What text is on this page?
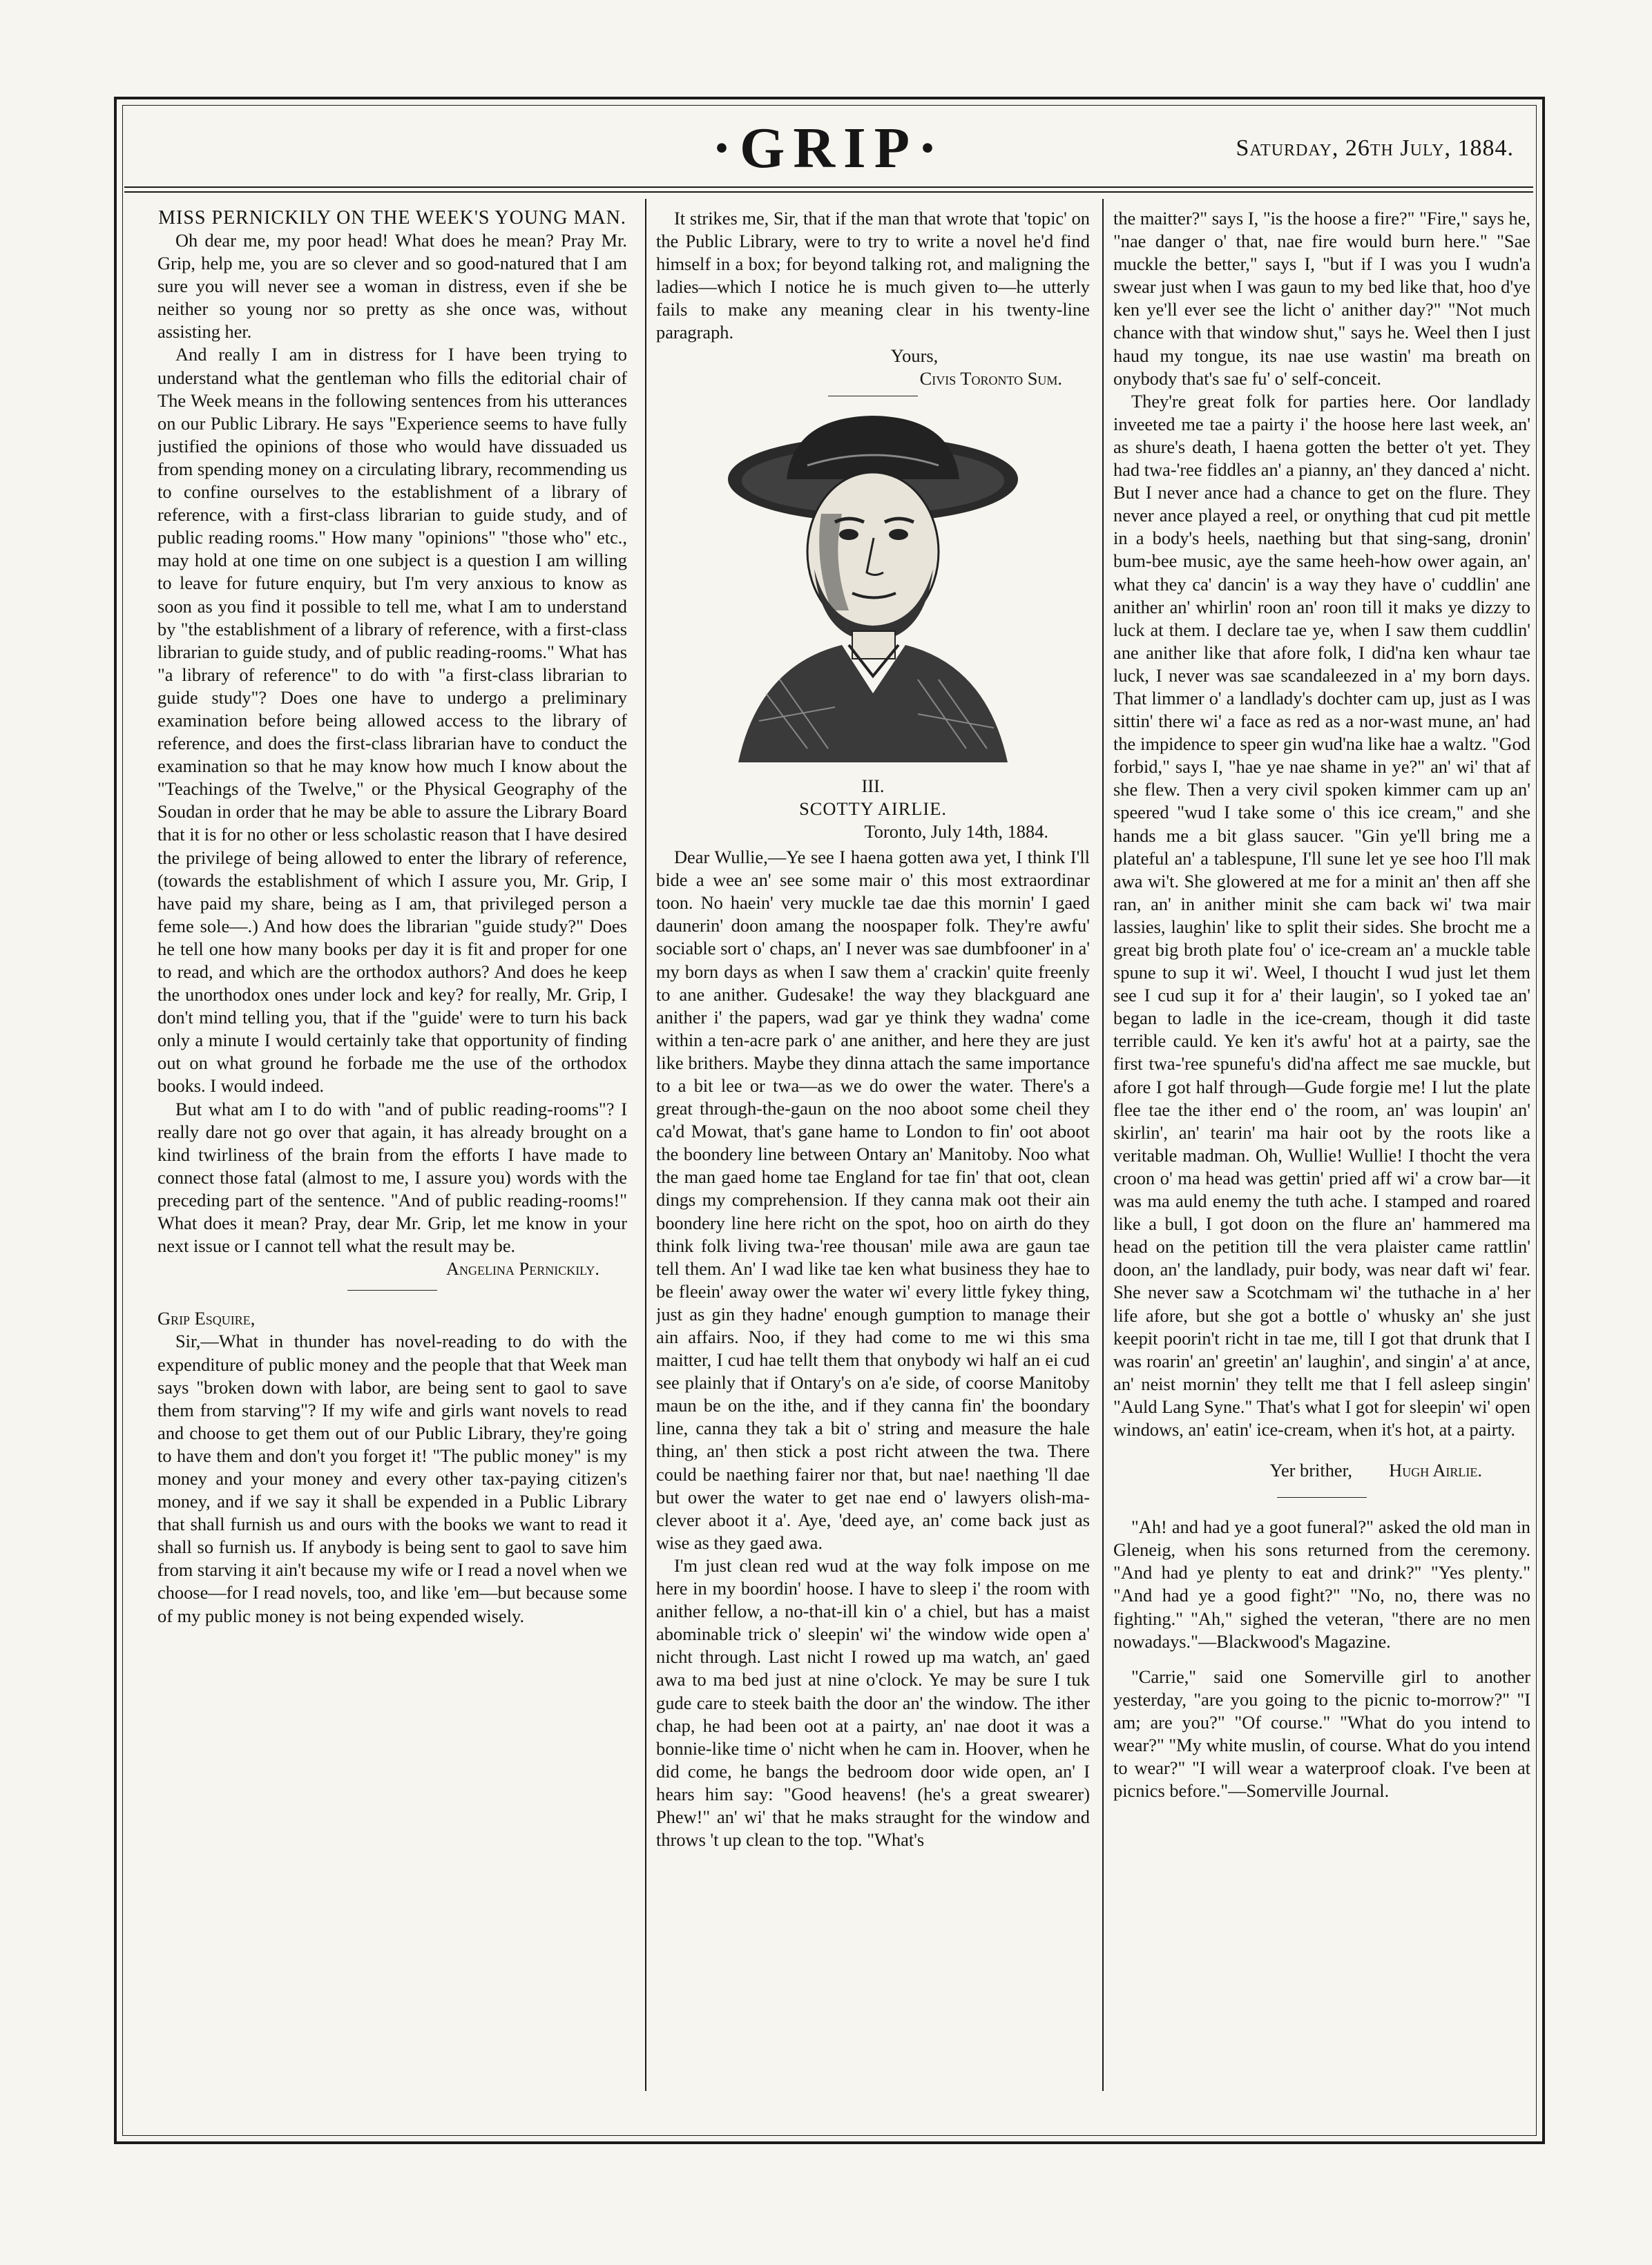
·GRIP·	Saturday, 26th July, 1884.

MISS PERNICKILY ON THE WEEK'S YOUNG MAN.

Oh dear me, my poor head! What does he mean? Pray Mr. Grip, help me, you are so clever and so good-natured that I am sure you will never see a woman in distress, even if she be neither so young nor so pretty as she once was, without assisting her.

And really I am in distress for I have been trying to understand what the gentleman who fills the editorial chair of The Week means in the following sentences from his utterances on our Public Library. He says "Experience seems to have fully justified the opinions of those who would have dissuaded us from spending money on a circulating library, recommending us to confine ourselves to the establishment of a library of reference, with a first-class librarian to guide study, and of public reading rooms." How many "opinions" "those who" etc., may hold at one time on one subject is a question I am willing to leave for future enquiry, but I'm very anxious to know as soon as you find it possible to tell me, what I am to understand by "the establishment of a library of reference, with a first-class librarian to guide study, and of public reading-rooms." What has "a library of reference" to do with "a first-class librarian to guide study"? Does one have to undergo a preliminary examination before being allowed access to the library of reference, and does the first-class librarian have to conduct the examination so that he may know how much I know about the "Teachings of the Twelve," or the Physical Geography of the Soudan in order that he may be able to assure the Library Board that it is for no other or less scholastic reason that I have desired the privilege of being allowed to enter the library of reference, (towards the establishment of which I assure you, Mr. Grip, I have paid my share, being as I am, that privileged person a feme sole—.) And how does the librarian "guide study?" Does he tell one how many books per day it is fit and proper for one to read, and which are the orthodox authors? And does he keep the unorthodox ones under lock and key? for really, Mr. Grip, I don't mind telling you, that if the "guide' were to turn his back only a minute I would certainly take that opportunity of finding out on what ground he forbade me the use of the orthodox books. I would indeed.

But what am I to do with "and of public reading-rooms"? I really dare not go over that again, it has already brought on a kind twirliness of the brain from the efforts I have made to connect those fatal (almost to me, I assure you) words with the preceding part of the sentence. "And of public reading-rooms!" What does it mean? Pray, dear Mr. Grip, let me know in your next issue or I cannot tell what the result may be.

Angelina Pernickily.

Grip Esquire,

Sir,—What in thunder has novel-reading to do with the expenditure of public money and the people that that Week man says "broken down with labor, are being sent to gaol to save them from starving"? If my wife and girls want novels to read and choose to get them out of our Public Library, they're going to have them and don't you forget it! "The public money" is my money and your money and every other tax-paying citizen's money, and if we say it shall be expended in a Public Library that shall furnish us and ours with the books we want to read it shall so furnish us. If anybody is being sent to gaol to save him from starving it ain't because my wife or I read a novel when we choose—for I read novels, too, and like 'em—but because some of my public money is not being expended wisely.

It strikes me, Sir, that if the man that wrote that 'topic' on the Public Library, were to try to write a novel he'd find himself in a box; for beyond talking rot, and maligning the ladies—which I notice he is much given to—he utterly fails to make any meaning clear in his twenty-line paragraph.

Yours,

Civis Toronto Sum.

III.

SCOTTY AIRLIE.

Toronto, July 14th, 1884.

Dear Wullie,—Ye see I haena gotten awa yet, I think I'll bide a wee an' see some mair o' this most extraordinar toon. No haein' very muckle tae dae this mornin' I gaed daunerin' doon amang the noospaper folk. They're awfu' sociable sort o' chaps, an' I never was sae dumbfooner' in a' my born days as when I saw them a' crackin' quite freenly to ane anither. Gudesake! the way they blackguard ane anither i' the papers, wad gar ye think they wadna' come within a ten-acre park o' ane anither, and here they are just like brithers. Maybe they dinna attach the same importance to a bit lee or twa—as we do ower the water. There's a great through-the-gaun on the noo aboot some cheil they ca'd Mowat, that's gane hame to London to fin' oot aboot the boondery line between Ontary an' Manitoby. Noo what the man gaed home tae England for tae fin' that oot, clean dings my comprehension. If they canna mak oot their ain boondery line here richt on the spot, hoo on airth do they think folk living twa-'ree thousan' mile awa are gaun tae tell them. An' I wad like tae ken what business they hae to be fleein' away ower the water wi' every little fykey thing, just as gin they hadne' enough gumption to manage their ain affairs. Noo, if they had come to me wi this sma maitter, I cud hae tellt them that onybody wi half an ei cud see plainly that if Ontary's on a'e side, of coorse Manitoby maun be on the ithe, and if they canna fin' the boondary line, canna they tak a bit o' string and measure the hale thing, an' then stick a post richt atween the twa. There could be naething fairer nor that, but nae! naething 'll dae but ower the water to get nae end o' lawyers olish-ma-clever aboot it a'. Aye, 'deed aye, an' come back just as wise as they gaed awa.

I'm just clean red wud at the way folk impose on me here in my boordin' hoose. I have to sleep i' the room with anither fellow, a no-that-ill kin o' a chiel, but has a maist abominable trick o' sleepin' wi' the window wide open a' nicht through. Last nicht I rowed up ma watch, an' gaed awa to ma bed just at nine o'clock. Ye may be sure I tuk gude care to steek baith the door an' the window. The ither chap, he had been oot at a pairty, an' nae doot it was a bonnie-like time o' nicht when he cam in. Hoover, when he did come, he bangs the bedroom door wide open, an' I hears him say: "Good heavens! (he's a great swearer) Phew!" an' wi' that he maks straught for the window and throws 't up clean to the top. "What's

the maitter?" says I, "is the hoose a fire?" "Fire," says he, "nae danger o' that, nae fire would burn here." "Sae muckle the better," says I, "but if I was you I wudn'a swear just when I was gaun to my bed like that, hoo d'ye ken ye'll ever see the licht o' anither day?" "Not much chance with that window shut," says he. Weel then I just haud my tongue, its nae use wastin' ma breath on onybody that's sae fu' o' self-conceit.

They're great folk for parties here. Oor landlady inveeted me tae a pairty i' the hoose here last week, an' as shure's death, I haena gotten the better o't yet. They had twa-'ree fiddles an' a pianny, an' they danced a' nicht. But I never ance had a chance to get on the flure. They never ance played a reel, or onything that cud pit mettle in a body's heels, naething but that sing-sang, dronin' bum-bee music, aye the same heeh-how ower again, an' what they ca' dancin' is a way they have o' cuddlin' ane anither an' whirlin' roon an' roon till it maks ye dizzy to luck at them. I declare tae ye, when I saw them cuddlin' ane anither like that afore folk, I did'na ken whaur tae luck, I never was sae scandaleezed in a' my born days. That limmer o' a landlady's dochter cam up, just as I was sittin' there wi' a face as red as a nor-wast mune, an' had the impidence to speer gin wud'na like hae a waltz. "God forbid," says I, "hae ye nae shame in ye?" an' wi' that af she flew. Then a very civil spoken kimmer cam up an' speered "wud I take some o' this ice cream," and she hands me a bit glass saucer. "Gin ye'll bring me a plateful an' a tablespune, I'll sune let ye see hoo I'll mak awa wi't. She glowered at me for a minit an' then aff she ran, an' in anither minit she cam back wi' twa mair lassies, laughin' like to split their sides. She brocht me a great big broth plate fou' o' ice-cream an' a muckle table spune to sup it wi'. Weel, I thoucht I wud just let them see I cud sup it for a' their laugin', so I yoked tae an' began to ladle in the ice-cream, though it did taste terrible cauld. Ye ken it's awfu' hot at a pairty, sae the first twa-'ree spunefu's did'na affect me sae muckle, but afore I got half through—Gude forgie me! I lut the plate flee tae the ither end o' the room, an' was loupin' an' skirlin', an' tearin' ma hair oot by the roots like a veritable madman. Oh, Wullie! Wullie! I thocht the vera croon o' ma head was gettin' pried aff wi' a crow bar—it was ma auld enemy the tuth ache. I stamped and roared like a bull, I got doon on the flure an' hammered ma head on the petition till the vera plaister came rattlin' doon, an' the landlady, puir body, was near daft wi' fear. She never saw a Scotchmam wi' the tuthache in a' her life afore, but she got a bottle o' whusky an' she just keepit poorin't richt in tae me, till I got that drunk that I was roarin' an' greetin' an' laughin', and singin' a' at ance, an' neist mornin' they tellt me that I fell asleep singin' "Auld Lang Syne." That's what I got for sleepin' wi' open windows, an' eatin' ice-cream, when it's hot, at a pairty.

Yer brither, Hugh Airlie.

"Ah! and had ye a goot funeral?" asked the old man in Gleneig, when his sons returned from the ceremony. "And had ye plenty to eat and drink?" "Yes plenty." "And had ye a good fight?" "No, no, there was no fighting." "Ah," sighed the veteran, "there are no men nowadays."—Blackwood's Magazine.

"Carrie," said one Somerville girl to another yesterday, "are you going to the picnic to-morrow?" "I am; are you?" "Of course." "What do you intend to wear?" "My white muslin, of course. What do you intend to wear?" "I will wear a waterproof cloak. I've been at picnics before."—Somerville Journal.
